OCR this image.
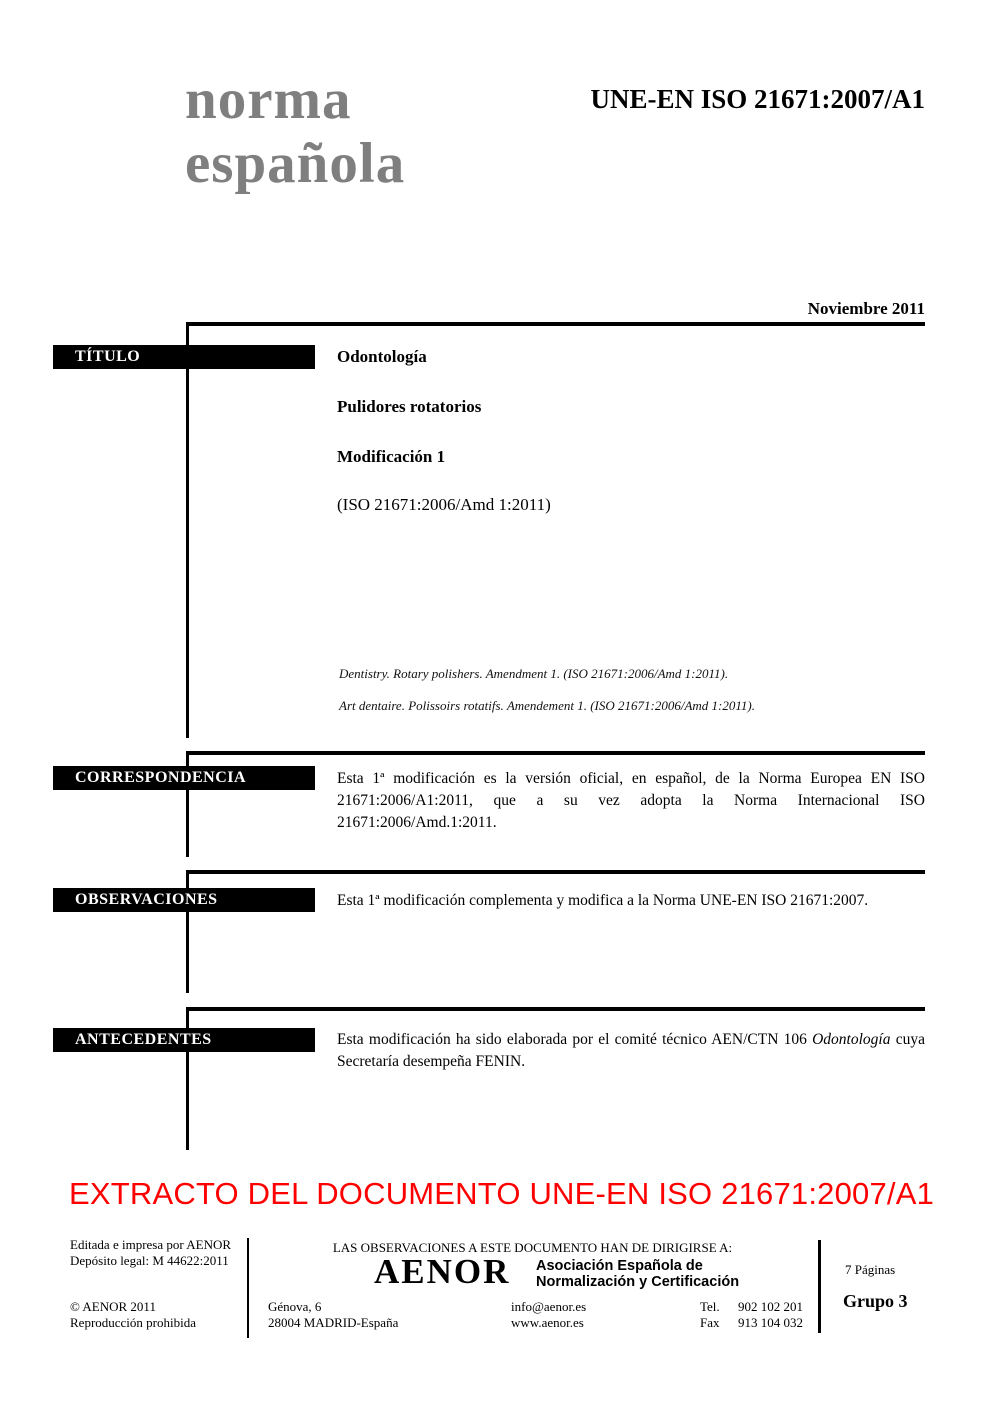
norma
española
UNE-EN ISO 21671:2007/A1
Noviembre 2011
TÍTULO
CORRESPONDENCIA
OBSERVACIONES
ANTECEDENTES
Odontología
Pulidores rotatorios
Modificación 1
(ISO 21671:2006/Amd 1:2011)
Dentistry. Rotary polishers. Amendment 1. (ISO 21671:2006/Amd 1:2011).
Art dentaire. Polissoirs rotatifs. Amendement 1. (ISO 21671:2006/Amd 1:2011).
Esta 1ª modificación es la versión oficial, en español, de la Norma Europea EN ISO 21671:2006/A1:2011, que a su vez adopta la Norma Internacional ISO 21671:2006/Amd.1:2011.
Esta 1ª modificación complementa y modifica a la Norma UNE-EN ISO 21671:2007.
Esta modificación ha sido elaborada por el comité técnico AEN/CTN 106 Odontología cuya Secretaría desempeña FENIN.
EXTRACTO DEL DOCUMENTO UNE-EN ISO 21671:2007/A1
Editada e impresa por AENOR
Depósito legal: M 44622:2011
© AENOR 2011
Reproducción prohibida
LAS OBSERVACIONES A ESTE DOCUMENTO HAN DE DIRIGIRSE A:
AENOR Asociación Española de
Normalización y Certificación
Génova, 6
28004 MADRID-España
info@aenor.es
www.aenor.es
Tel.
Fax
902 102 201
913 104 032
7 Páginas
Grupo 3
